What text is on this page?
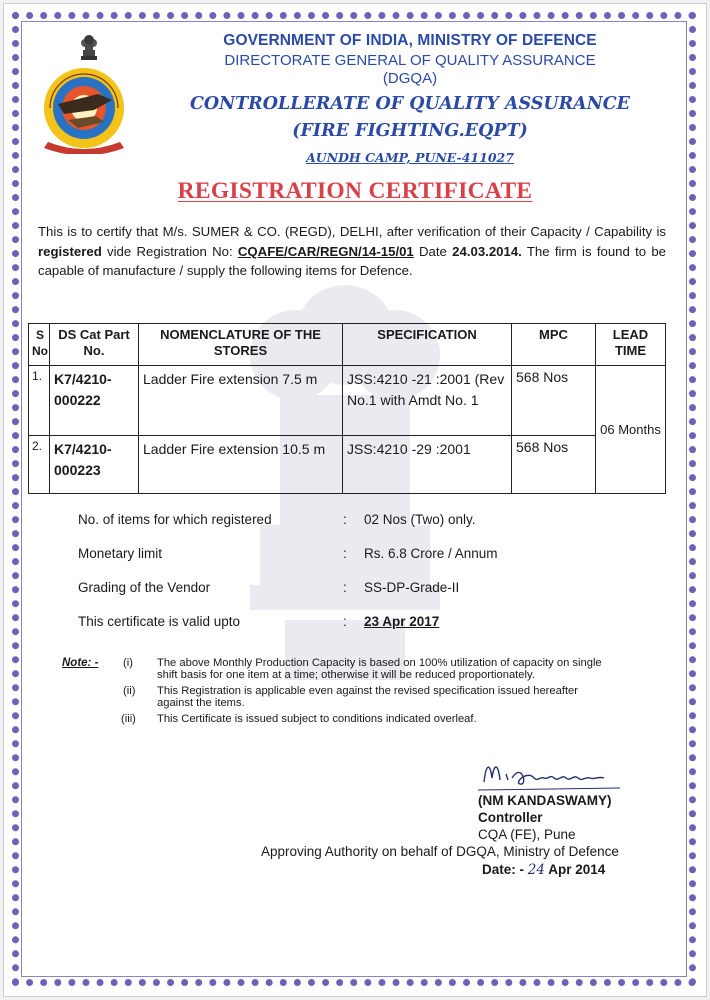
GOVERNMENT OF INDIA, MINISTRY OF DEFENCE
DIRECTORATE GENERAL OF QUALITY ASSURANCE
(DGQA)
CONTROLLERATE OF QUALITY ASSURANCE
(FIRE FIGHTING.EQPT)
AUNDH CAMP, PUNE-411027
REGISTRATION CERTIFICATE
This is to certify that M/s. SUMER & CO. (REGD), DELHI, after verification of their Capacity / Capability is registered vide Registration No: CQAFE/CAR/REGN/14-15/01 Date 24.03.2014. The firm is found to be capable of manufacture / supply the following items for Defence.
S No	DS Cat Part No.	NOMENCLATURE OF THE STORES	SPECIFICATION	MPC	LEAD TIME
1.	K7/4210-000222	Ladder Fire extension 7.5 m	JSS:4210 -21 :2001 (Rev No.1 with Amdt No. 1	568 Nos	06 Months
2.	K7/4210-000223	Ladder Fire extension 10.5 m	JSS:4210 -29 :2001	568 Nos	
No. of items for which registered	: 02 Nos (Two) only.
Monetary limit	: Rs. 6.8 Crore / Annum
Grading of the Vendor	: SS-DP-Grade-II
This certificate is valid upto	: 23 Apr 2017
Note: - (i) The above Monthly Production Capacity is based on 100% utilization of capacity on single
shift basis for one item at a time; otherwise it will be reduced proportionately.
(ii) This Registration is applicable even against the revised specification issued hereafter
against the items.
(iii) This Certificate is issued subject to conditions indicated overleaf.
(NM KANDASWAMY)
Controller
CQA (FE), Pune
Approving Authority on behalf of DGQA, Ministry of Defence
Date: - 24 Apr 2014
